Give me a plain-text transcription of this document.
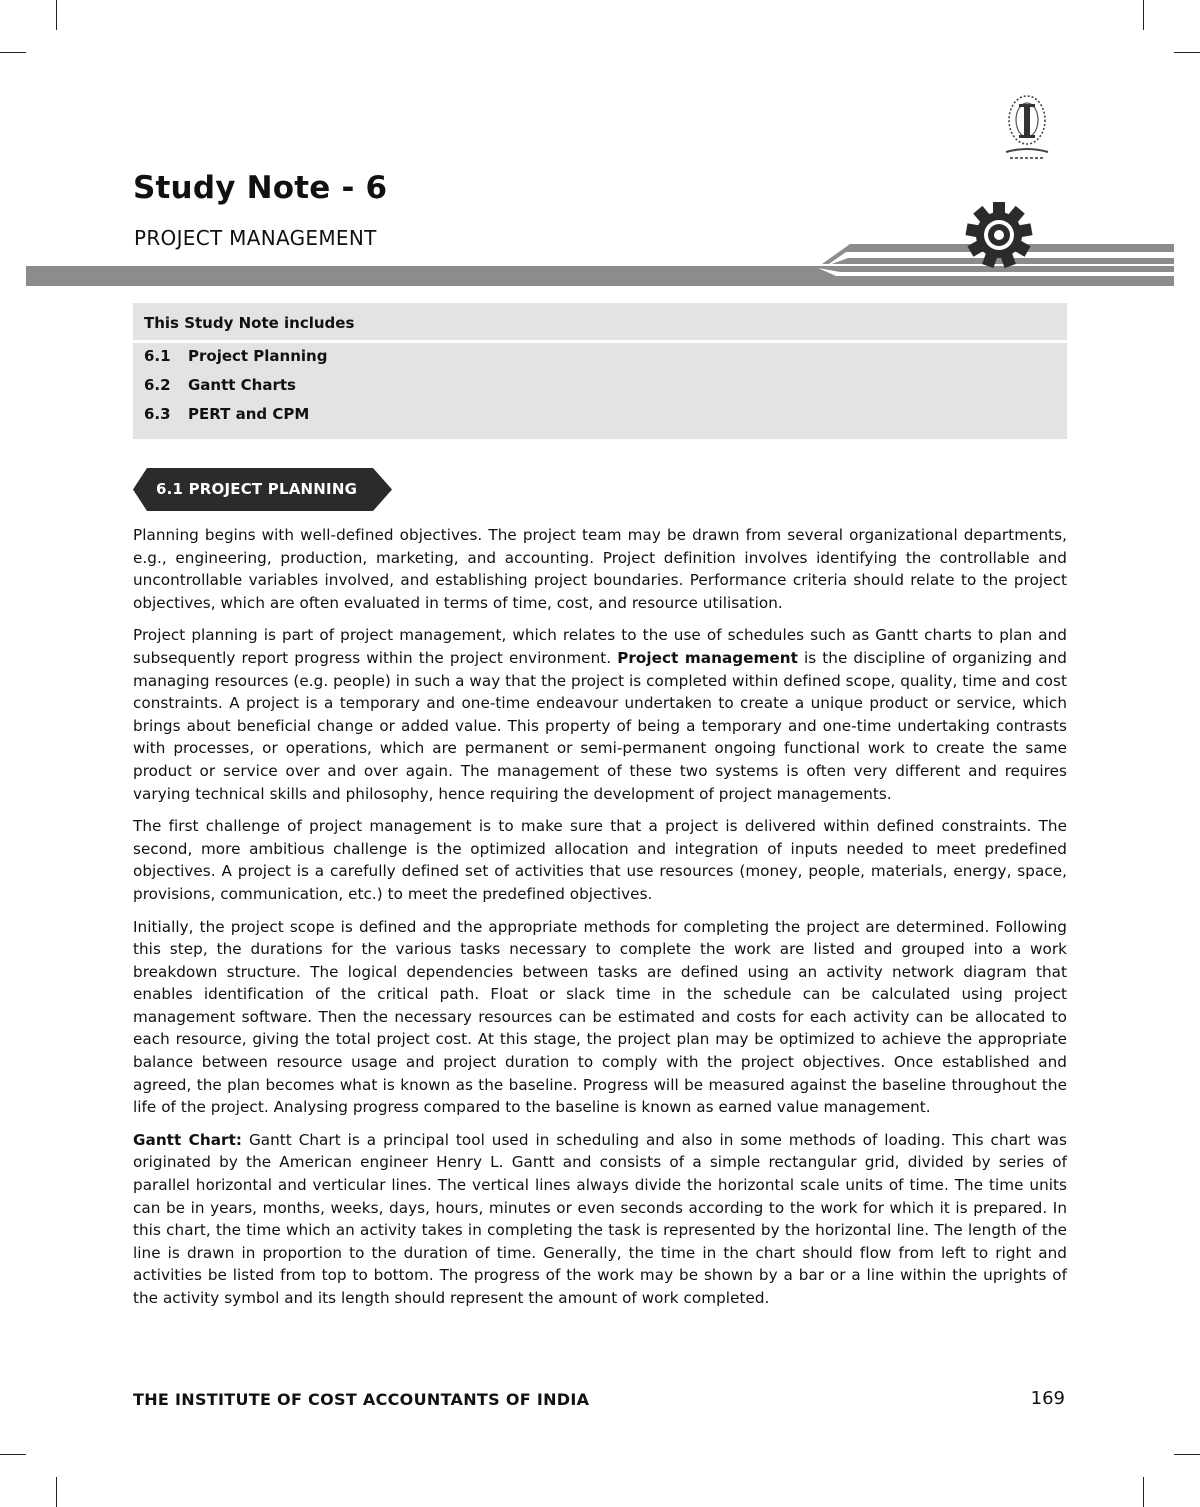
Study Note - 6
PROJECT MANAGEMENT
This Study Note includes
6.1 Project Planning
6.2 Gantt Charts
6.3 PERT and CPM
6.1 PROJECT PLANNING

Planning begins with well-defined objectives. The project team may be drawn from several organizational departments, e.g., engineering, production, marketing, and accounting. Project definition involves identifying the controllable and uncontrollable variables involved, and establishing project boundaries. Performance criteria should relate to the project objectives, which are often evaluated in terms of time, cost, and resource utilisation.

Project planning is part of project management, which relates to the use of schedules such as Gantt charts to plan and subsequently report progress within the project environment. Project management is the discipline of organizing and managing resources (e.g. people) in such a way that the project is completed within defined scope, quality, time and cost constraints. A project is a temporary and one-time endeavour undertaken to create a unique product or service, which brings about beneficial change or added value. This property of being a temporary and one-time undertaking contrasts with processes, or operations, which are permanent or semi-permanent ongoing functional work to create the same product or service over and over again. The management of these two systems is often very different and requires varying technical skills and philosophy, hence requiring the development of project managements.

The first challenge of project management is to make sure that a project is delivered within defined constraints. The second, more ambitious challenge is the optimized allocation and integration of inputs needed to meet predefined objectives. A project is a carefully defined set of activities that use resources (money, people, materials, energy, space, provisions, communication, etc.) to meet the predefined objectives.

Initially, the project scope is defined and the appropriate methods for completing the project are determined. Following this step, the durations for the various tasks necessary to complete the work are listed and grouped into a work breakdown structure. The logical dependencies between tasks are defined using an activity network diagram that enables identification of the critical path. Float or slack time in the schedule can be calculated using project management software. Then the necessary resources can be estimated and costs for each activity can be allocated to each resource, giving the total project cost. At this stage, the project plan may be optimized to achieve the appropriate balance between resource usage and project duration to comply with the project objectives. Once established and agreed, the plan becomes what is known as the baseline. Progress will be measured against the baseline throughout the life of the project. Analysing progress compared to the baseline is known as earned value management.

Gantt Chart: Gantt Chart is a principal tool used in scheduling and also in some methods of loading. This chart was originated by the American engineer Henry L. Gantt and consists of a simple rectangular grid, divided by series of parallel horizontal and verticular lines. The vertical lines always divide the horizontal scale units of time. The time units can be in years, months, weeks, days, hours, minutes or even seconds according to the work for which it is prepared. In this chart, the time which an activity takes in completing the task is represented by the horizontal line. The length of the line is drawn in proportion to the duration of time. Generally, the time in the chart should flow from left to right and activities be listed from top to bottom. The progress of the work may be shown by a bar or a line within the uprights of the activity symbol and its length should represent the amount of work completed.

THE INSTITUTE OF COST ACCOUNTANTS OF INDIA	169
